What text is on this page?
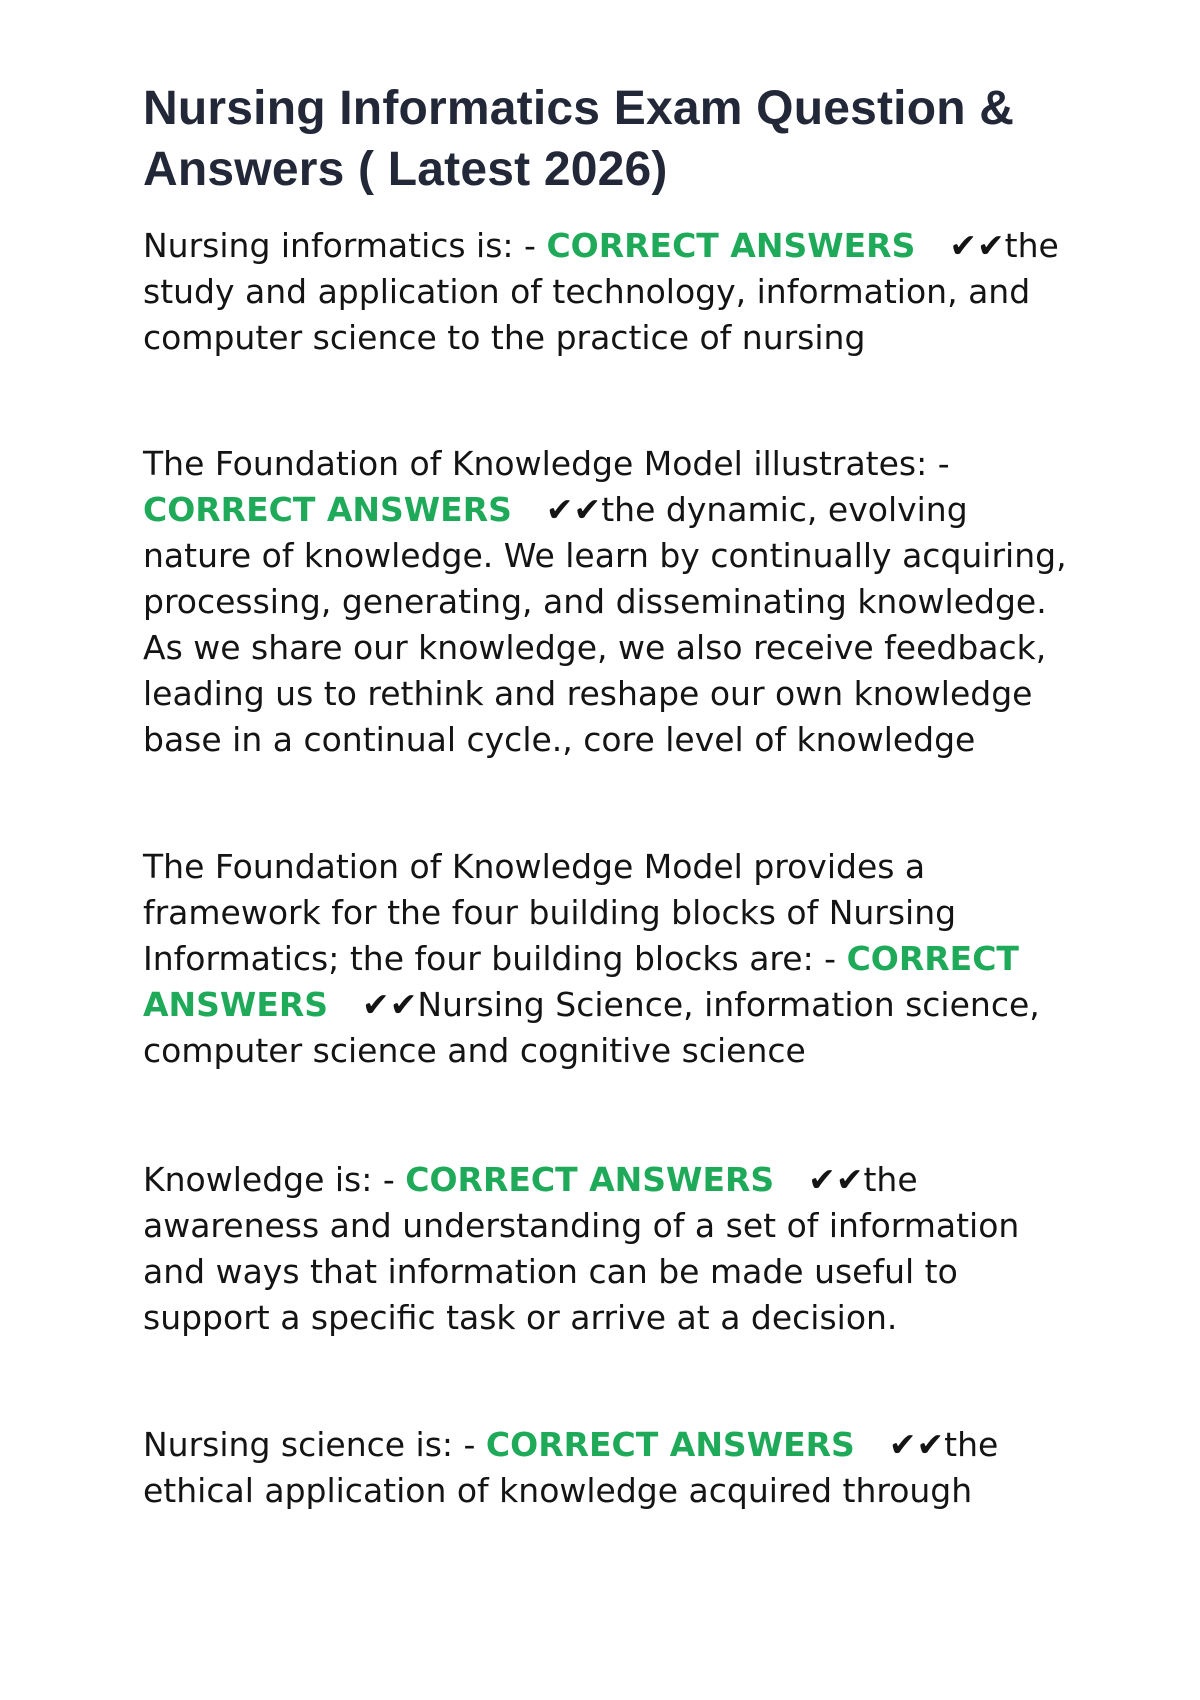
Nursing Informatics Exam Question & Answers ( Latest 2026)

Nursing informatics is: - CORRECT ANSWERS ✔✔the study and application of technology, information, and computer science to the practice of nursing

The Foundation of Knowledge Model illustrates: - CORRECT ANSWERS ✔✔the dynamic, evolving nature of knowledge. We learn by continually acquiring, processing, generating, and disseminating knowledge. As we share our knowledge, we also receive feedback, leading us to rethink and reshape our own knowledge base in a continual cycle., core level of knowledge

The Foundation of Knowledge Model provides a framework for the four building blocks of Nursing Informatics; the four building blocks are: - CORRECT ANSWERS ✔✔Nursing Science, information science, computer science and cognitive science

Knowledge is: - CORRECT ANSWERS ✔✔the awareness and understanding of a set of information and ways that information can be made useful to support a specific task or arrive at a decision.

Nursing science is: - CORRECT ANSWERS ✔✔the ethical application of knowledge acquired through
